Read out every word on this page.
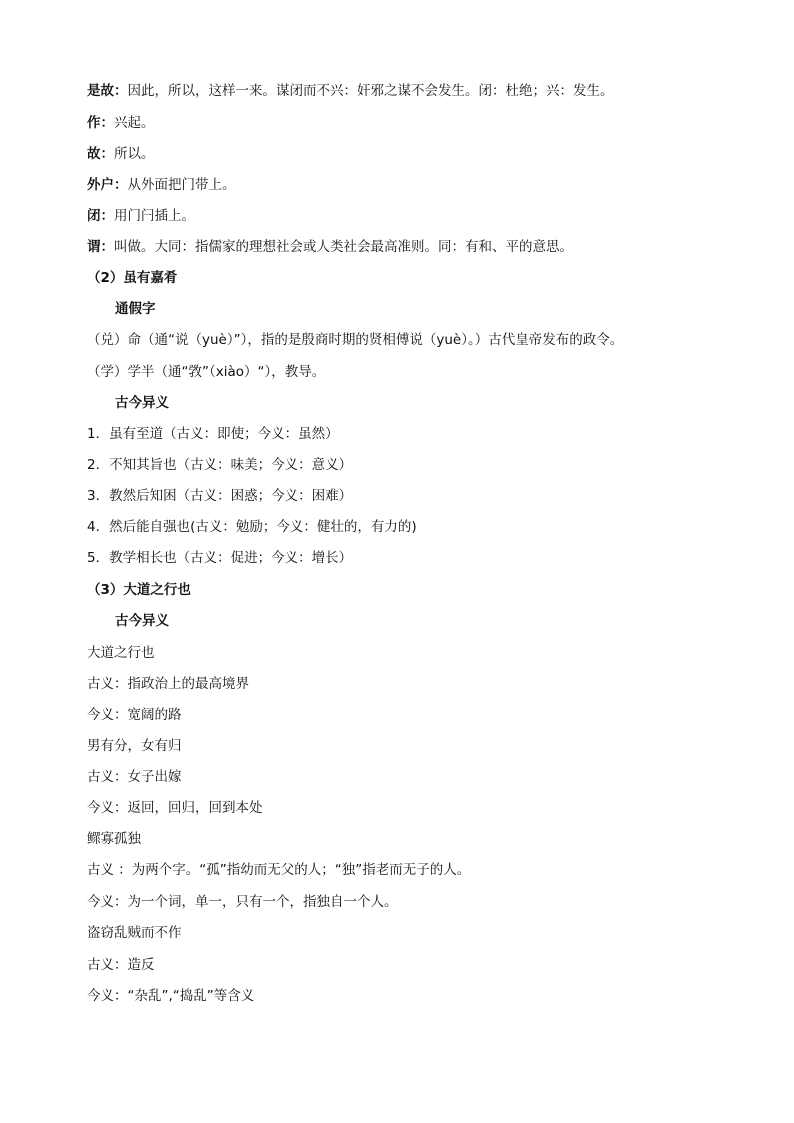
是故：因此，所以，这样一来。谋闭而不兴：奸邪之谋不会发生。闭：杜绝；兴：发生。
作：兴起。
故：所以。
外户：从外面把门带上。
闭：用门闩插上。
谓：叫做。大同：指儒家的理想社会或人类社会最高准则。同：有和、平的意思。
（2）虽有嘉肴
通假字
（兑）命（通“说（yuè）”），指的是殷商时期的贤相傅说（yuè）。）古代皇帝发布的政令。
（学）学半（通“敩”（xiào）“），教导。
古今异义
1．虽有至道（古义：即使；今义：虽然）
2．不知其旨也（古义：味美；今义：意义）
3．教然后知困（古义：困惑；今义：困难）
4．然后能自强也(古义：勉励；今义：健壮的，有力的)
5．教学相长也（古义：促进；今义：增长）
（3）大道之行也
古今异义
大道之行也
古义：指政治上的最高境界
今义：宽阔的路
男有分，女有归
古义：女子出嫁
今义：返回，回归，回到本处
鳏寡孤独
古义 ：为两个字。“孤”指幼而无父的人；“独”指老而无子的人。
今义：为一个词，单一，只有一个，指独自一个人。
盗窃乱贼而不作
古义：造反
今义：“杂乱”,“捣乱”等含义
